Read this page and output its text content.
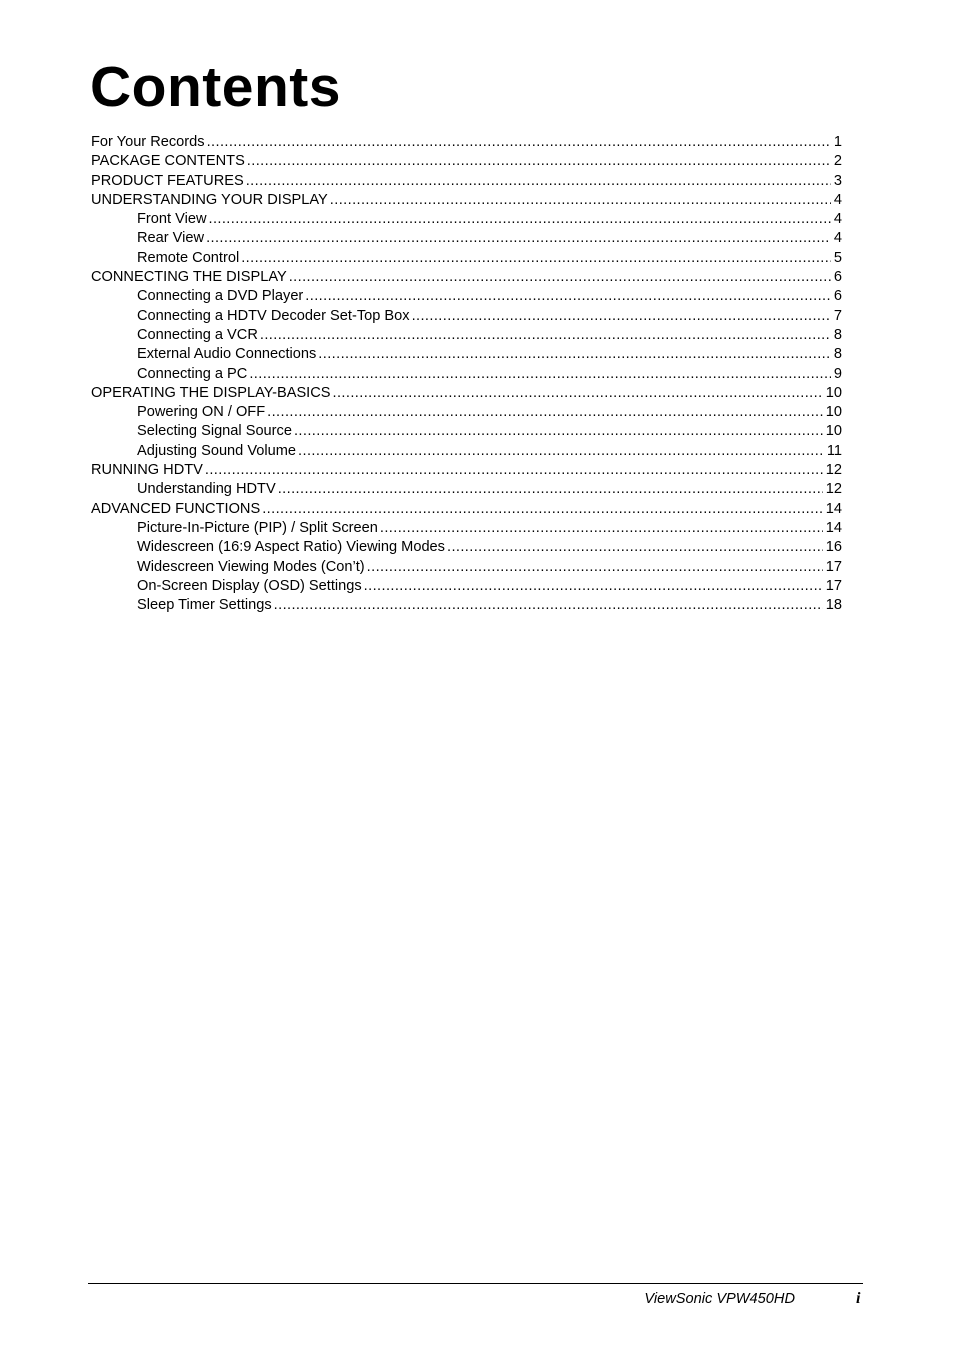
Contents
For Your Records .....	1
PACKAGE CONTENTS .....	2
PRODUCT FEATURES .....	3
UNDERSTANDING YOUR DISPLAY .....	4
Front View .....	4
Rear View .....	4
Remote Control .....	5
CONNECTING THE DISPLAY .....	6
Connecting a DVD Player .....	6
Connecting a HDTV Decoder Set-Top Box .....	7
Connecting a VCR .....	8
External Audio Connections .....	8
Connecting a PC .....	9
OPERATING THE DISPLAY-BASICS .....	10
Powering ON / OFF .....	10
Selecting Signal Source .....	10
Adjusting Sound Volume .....	11
RUNNING HDTV .....	12
Understanding HDTV .....	12
ADVANCED FUNCTIONS .....	14
Picture-In-Picture (PIP) / Split Screen .....	14
Widescreen (16:9 Aspect Ratio) Viewing Modes .....	16
Widescreen Viewing Modes (Con’t) .....	17
On-Screen Display (OSD) Settings .....	17
Sleep Timer Settings .....	18
ViewSonic VPW450HD	i
